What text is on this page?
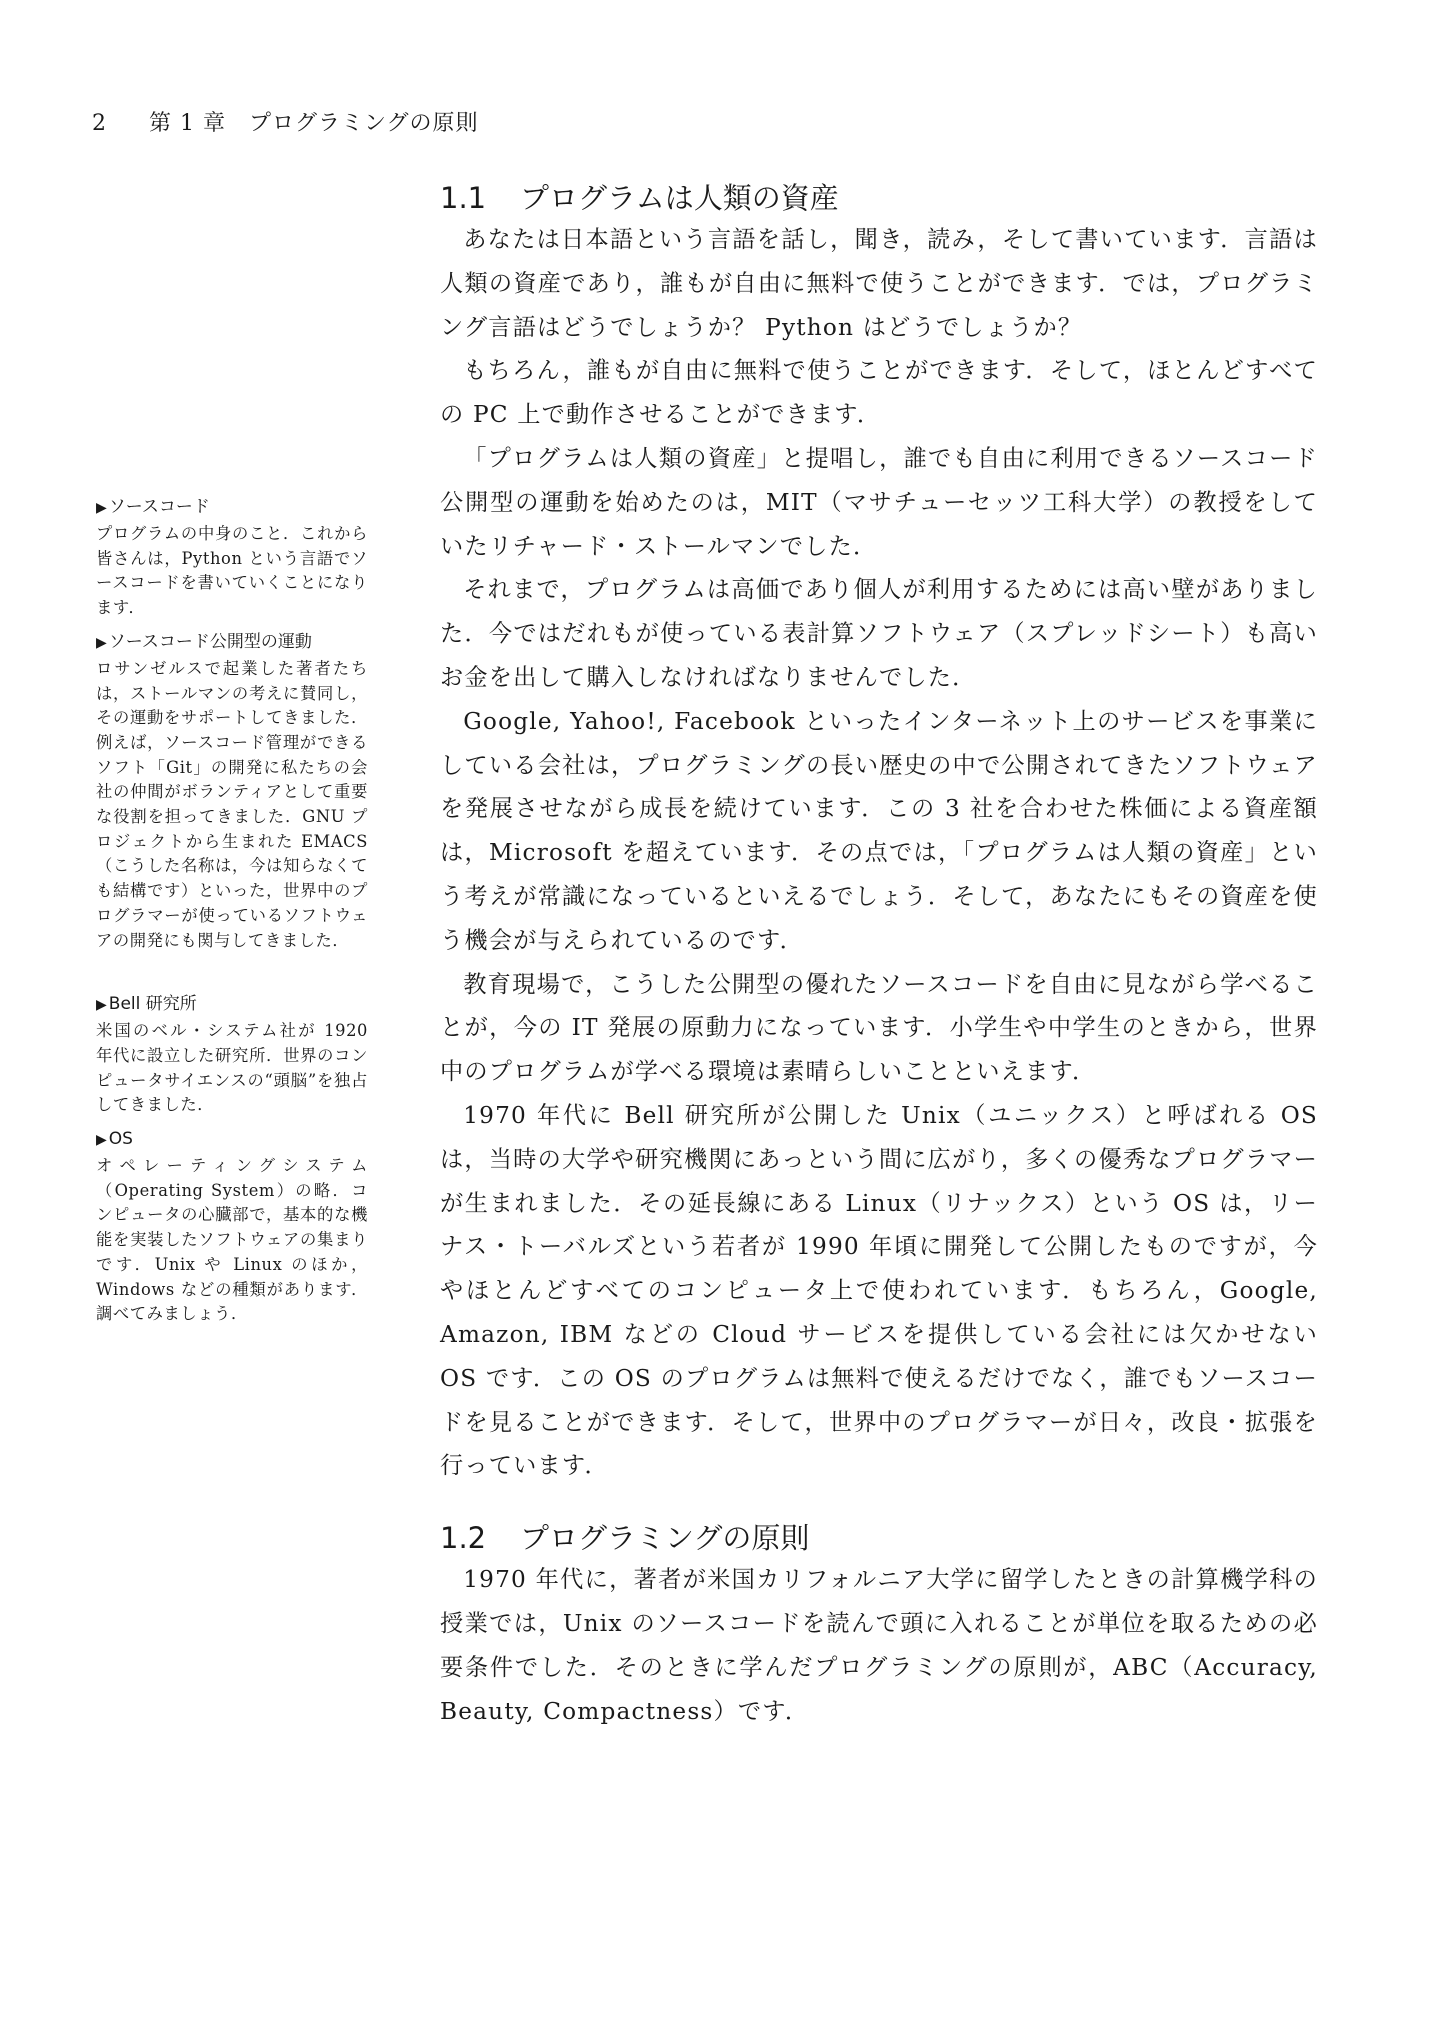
2 第 1 章　プログラミングの原則
1.1 プログラムは人類の資産

あなたは日本語という言語を話し，聞き，読み，そして書いています．言語は人類の資産であり，誰もが自由に無料で使うことができます．では，プログラミング言語はどうでしょうか？ Python はどうでしょうか？

もちろん，誰もが自由に無料で使うことができます．そして，ほとんどすべての PC 上で動作させることができます．

「プログラムは人類の資産」と提唱し，誰でも自由に利用できるソースコード公開型の運動を始めたのは，MIT（マサチューセッツ工科大学）の教授をしていたリチャード・ストールマンでした．

それまで，プログラムは高価であり個人が利用するためには高い壁がありました．今ではだれもが使っている表計算ソフトウェア（スプレッドシート）も高いお金を出して購入しなければなりませんでした．

Google, Yahoo!, Facebook といったインターネット上のサービスを事業にしている会社は，プログラミングの長い歴史の中で公開されてきたソフトウェアを発展させながら成長を続けています．この 3 社を合わせた株価による資産額は，Microsoft を超えています．その点では，「プログラムは人類の資産」という考えが常識になっているといえるでしょう．そして，あなたにもその資産を使う機会が与えられているのです．

教育現場で，こうした公開型の優れたソースコードを自由に見ながら学べることが，今の IT 発展の原動力になっています．小学生や中学生のときから，世界中のプログラムが学べる環境は素晴らしいことといえます．

1970 年代に Bell 研究所が公開した Unix（ユニックス）と呼ばれる OS は，当時の大学や研究機関にあっという間に広がり，多くの優秀なプログラマーが生まれました．その延長線にある Linux（リナックス）という OS は，リーナス・トーバルズという若者が 1990 年頃に開発して公開したものですが，今やほとんどすべてのコンピュータ上で使われています．もちろん，Google, Amazon, IBM などの Cloud サービスを提供している会社には欠かせない OS です．この OS のプログラムは無料で使えるだけでなく，誰でもソースコードを見ることができます．そして，世界中のプログラマーが日々，改良・拡張を行っています．

1.2 プログラミングの原則

1970 年代に，著者が米国カリフォルニア大学に留学したときの計算機学科の授業では，Unix のソースコードを読んで頭に入れることが単位を取るための必要条件でした．そのときに学んだプログラミングの原則が，ABC（Accuracy, Beauty, Compactness）です．

▶ ソースコード
プログラムの中身のこと．これから皆さんは，Python という言語でソースコードを書いていくことになります．
▶ ソースコード公開型の運動
ロサンゼルスで起業した著者たちは，ストールマンの考えに賛同し，その運動をサポートしてきました．例えば，ソースコード管理ができるソフト「Git」の開発に私たちの会社の仲間がボランティアとして重要な役割を担ってきました．GNU プロジェクトから生まれた EMACS（こうした名称は，今は知らなくても結構です）といった，世界中のプログラマーが使っているソフトウェアの開発にも関与してきました．
▶ Bell 研究所
米国のベル・システム社が 1920 年代に設立した研究所．世界のコンピュータサイエンスの“頭脳”を独占してきました．
▶ OS
オペレーティングシステム（Operating System）の略．コンピュータの心臓部で，基本的な機能を実装したソフトウェアの集まりです．Unix や Linux のほか，Windows などの種類があります．調べてみましょう．
